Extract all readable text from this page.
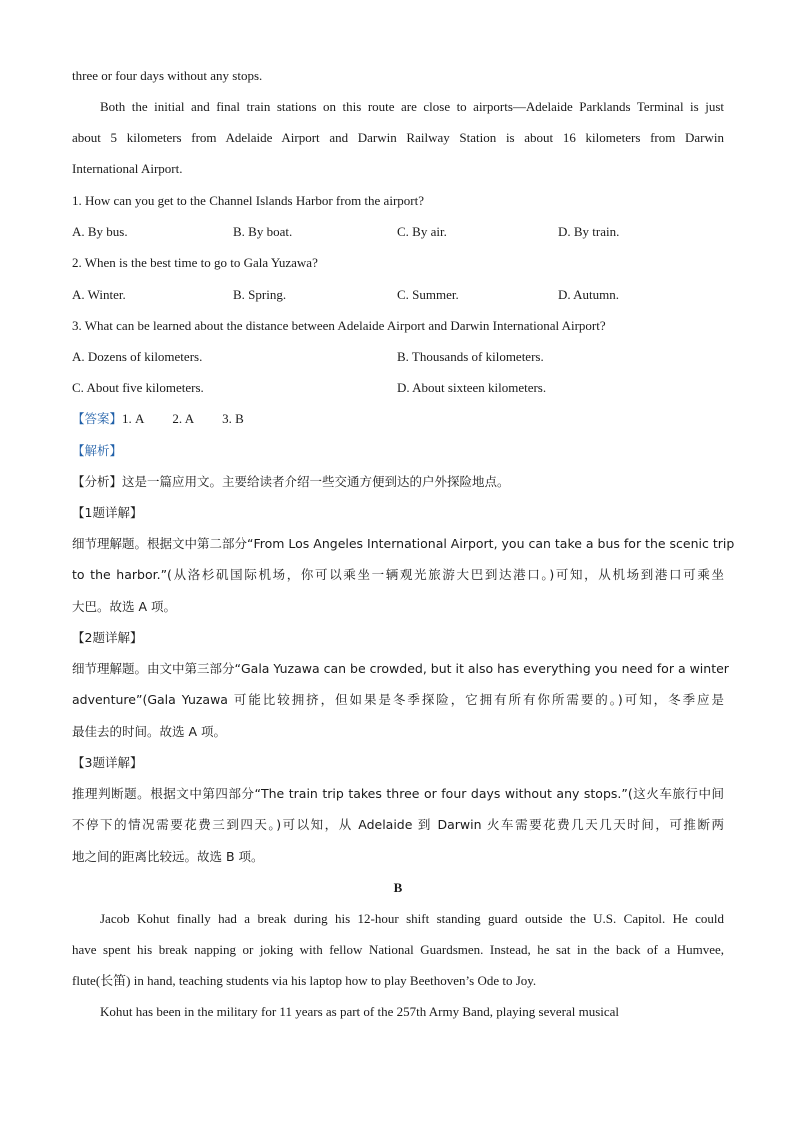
three or four days without any stops.
Both the initial and final train stations on this route are close to airports—Adelaide Parklands Terminal is just
about 5 kilometers from Adelaide Airport and Darwin Railway Station is about 16 kilometers from Darwin
International Airport.
1. How can you get to the Channel Islands Harbor from the airport?
A. By bus.	B. By boat.	C. By air.	D. By train.
2. When is the best time to go to Gala Yuzawa?
A. Winter.	B. Spring.	C. Summer.	D. Autumn.
3. What can be learned about the distance between Adelaide Airport and Darwin International Airport?
A. Dozens of kilometers.	B. Thousands of kilometers.
C. About five kilometers.	D. About sixteen kilometers.
【答案】1. A 2. A 3. B
【解析】
【分析】这是一篇应用文。主要给读者介绍一些交通方便到达的户外探险地点。
【1题详解】
细节理解题。根据文中第二部分“From Los Angeles International Airport, you can take a bus for the scenic trip
to the harbor.”(从洛杉矶国际机场，你可以乘坐一辆观光旅游大巴到达港口。)可知，从机场到港口可乘坐
大巴。故选 A 项。
【2题详解】
细节理解题。由文中第三部分“Gala Yuzawa can be crowded, but it also has everything you need for a winter
adventure”(Gala Yuzawa 可能比较拥挤，但如果是冬季探险，它拥有所有你所需要的。)可知，冬季应是
最佳去的时间。故选 A 项。
【3题详解】
推理判断题。根据文中第四部分“The train trip takes three or four days without any stops.”(这火车旅行中间
不停下的情况需要花费三到四天。)可以知，从 Adelaide 到 Darwin 火车需要花费几天几天时间，可推断两
地之间的距离比较远。故选 B 项。
B
Jacob Kohut finally had a break during his 12-hour shift standing guard outside the U.S. Capitol. He could
have spent his break napping or joking with fellow National Guardsmen. Instead, he sat in the back of a Humvee,
flute(长笛) in hand, teaching students via his laptop how to play Beethoven’s Ode to Joy.
Kohut has been in the military for 11 years as part of the 257th Army Band, playing several musical
